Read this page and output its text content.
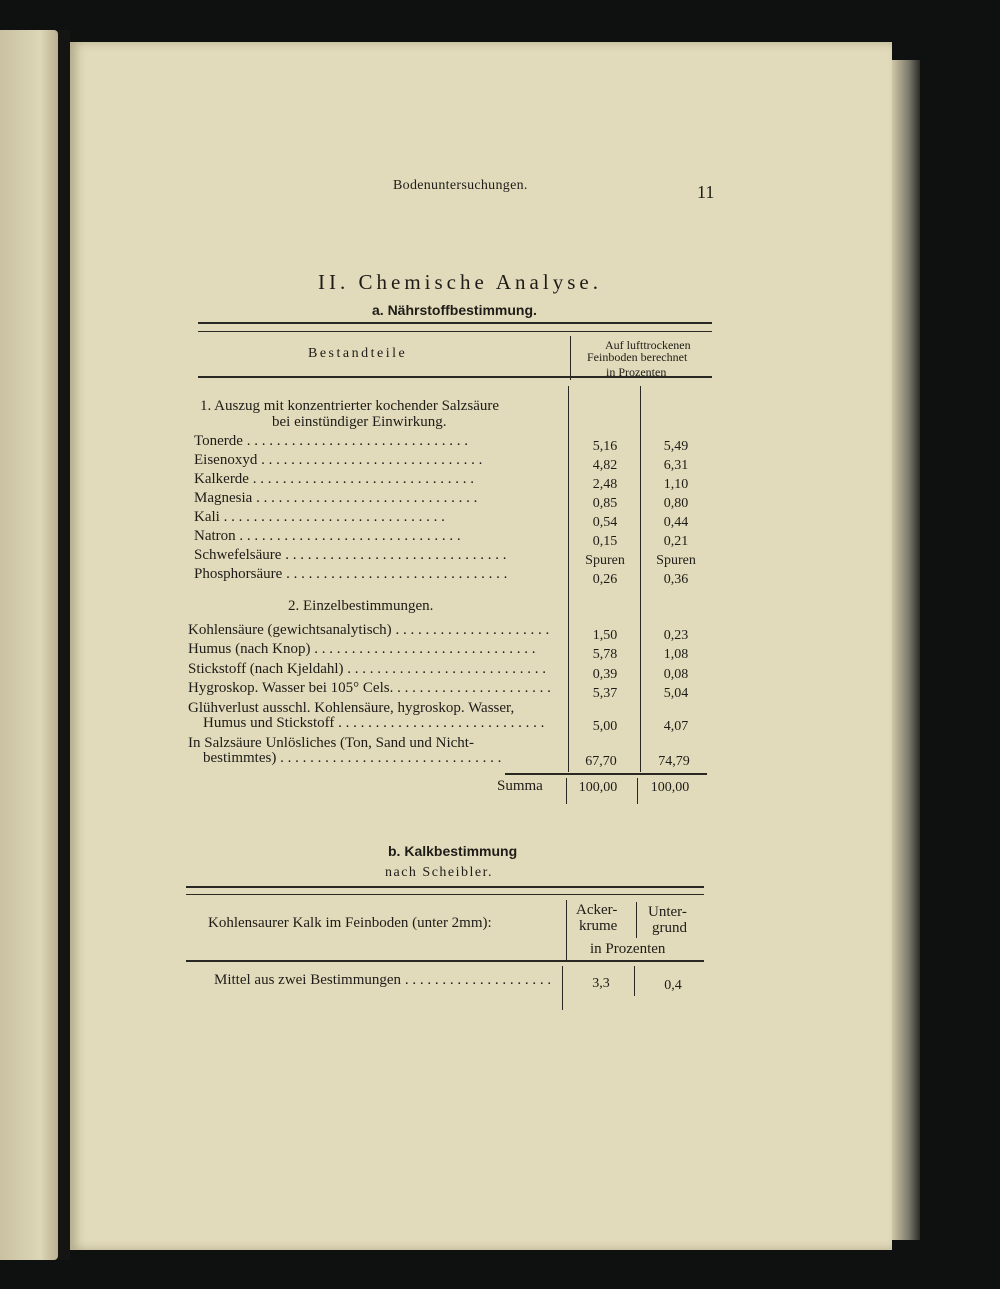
Bodenuntersuchungen.	11
II. Chemische Analyse.
a. Nährstoffbestimmung.
Bestandteile
Auf lufttrockenen
Feinboden berechnet
in Prozenten
1. Auszug mit konzentrierter kochender Salzsäure
bei einstündiger Einwirkung.
Tonerde . . .	5,16	5,49
Eisenoxyd . . .	4,82	6,31
Kalkerde . . .	2,48	1,10
Magnesia . . .	0,85	0,80
Kali . . .	0,54	0,44
Natron . . .	0,15	0,21
Schwefelsäure . . .	Spuren	Spuren
Phosphorsäure . . .	0,26	0,36
2. Einzelbestimmungen.
Kohlensäure (gewichtsanalytisch) . . .	1,50	0,23
Humus (nach Knop) . . .	5,78	1,08
Stickstoff (nach Kjeldahl) . . .	0,39	0,08
Hygroskop. Wasser bei 105° Cels. . . .	5,37	5,04
Glühverlust ausschl. Kohlensäure, hygroskop. Wasser,
Humus und Stickstoff . . .	5,00	4,07
In Salzsäure Unlösliches (Ton, Sand und Nicht-
bestimmtes) . . .	67,70	74,79
Summa	100,00	100,00
b. Kalkbestimmung
nach Scheibler.
Kohlensaurer Kalk im Feinboden (unter 2mm):
Acker-
krume
Unter-
grund
in Prozenten
Mittel aus zwei Bestimmungen . . .	3,3	0,4
